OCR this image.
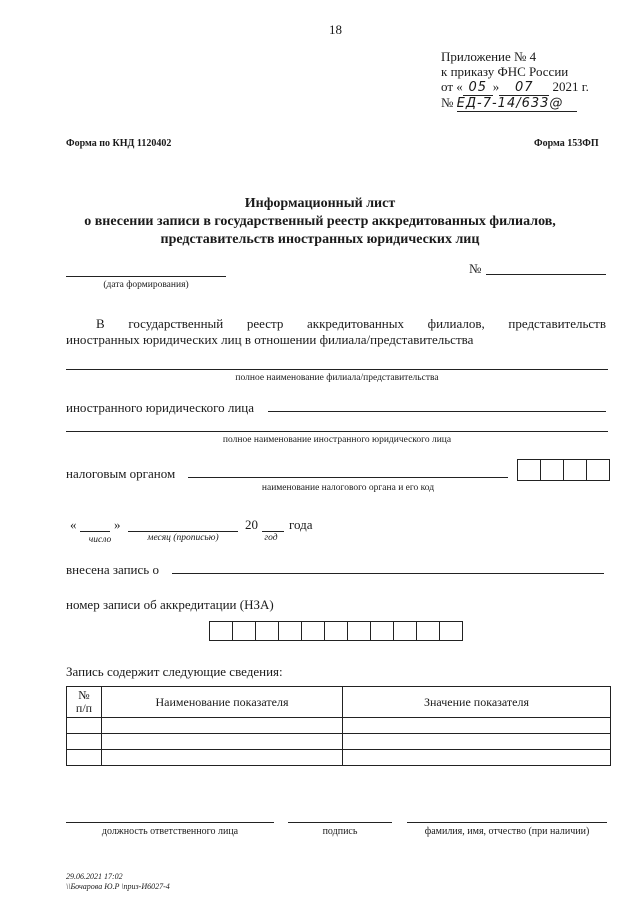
18
Приложение № 4
к приказу ФНС России
от « 05 » 07 2021 г.
№ ЕД-7-14/633@
Форма по КНД 1120402	Форма 153ФП
Информационный лист
о внесении записи в государственный реестр аккредитованных филиалов,
представительств иностранных юридических лиц
(дата формирования)
№
В государственный реестр аккредитованных филиалов, представительств
иностранных юридических лиц в отношении филиала/представительства
полное наименование филиала/представительства
иностранного юридического лица
полное наименование иностранного юридического лица
налоговым органом
наименование налогового органа и его код
«	»	20 года
число	месяц (прописью)	год
внесена запись о
номер записи об аккредитации (НЗА)
Запись содержит следующие сведения:
№
п/п	Наименование показателя	Значение показателя

должность ответственного лица	подпись	фамилия, имя, отчество (при наличии)
29.06.2021 17:02
\\Бочарова Ю.Р \приз-И6027-4
